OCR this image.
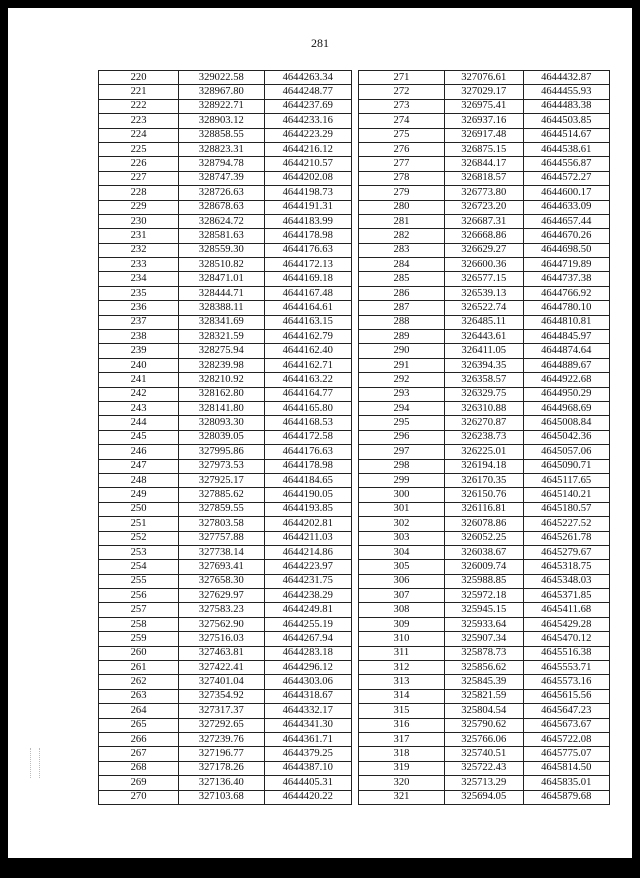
281
220	329022.58	4644263.34
221	328967.80	4644248.77
222	328922.71	4644237.69
223	328903.12	4644233.16
224	328858.55	4644223.29
225	328823.31	4644216.12
226	328794.78	4644210.57
227	328747.39	4644202.08
228	328726.63	4644198.73
229	328678.63	4644191.31
230	328624.72	4644183.99
231	328581.63	4644178.98
232	328559.30	4644176.63
233	328510.82	4644172.13
234	328471.01	4644169.18
235	328444.71	4644167.48
236	328388.11	4644164.61
237	328341.69	4644163.15
238	328321.59	4644162.79
239	328275.94	4644162.40
240	328239.98	4644162.71
241	328210.92	4644163.22
242	328162.80	4644164.77
243	328141.80	4644165.80
244	328093.30	4644168.53
245	328039.05	4644172.58
246	327995.86	4644176.63
247	327973.53	4644178.98
248	327925.17	4644184.65
249	327885.62	4644190.05
250	327859.55	4644193.85
251	327803.58	4644202.81
252	327757.88	4644211.03
253	327738.14	4644214.86
254	327693.41	4644223.97
255	327658.30	4644231.75
256	327629.97	4644238.29
257	327583.23	4644249.81
258	327562.90	4644255.19
259	327516.03	4644267.94
260	327463.81	4644283.18
261	327422.41	4644296.12
262	327401.04	4644303.06
263	327354.92	4644318.67
264	327317.37	4644332.17
265	327292.65	4644341.30
266	327239.76	4644361.71
267	327196.77	4644379.25
268	327178.26	4644387.10
269	327136.40	4644405.31
270	327103.68	4644420.22
271	327076.61	4644432.87
272	327029.17	4644455.93
273	326975.41	4644483.38
274	326937.16	4644503.85
275	326917.48	4644514.67
276	326875.15	4644538.61
277	326844.17	4644556.87
278	326818.57	4644572.27
279	326773.80	4644600.17
280	326723.20	4644633.09
281	326687.31	4644657.44
282	326668.86	4644670.26
283	326629.27	4644698.50
284	326600.36	4644719.89
285	326577.15	4644737.38
286	326539.13	4644766.92
287	326522.74	4644780.10
288	326485.11	4644810.81
289	326443.61	4644845.97
290	326411.05	4644874.64
291	326394.35	4644889.67
292	326358.57	4644922.68
293	326329.75	4644950.29
294	326310.88	4644968.69
295	326270.87	4645008.84
296	326238.73	4645042.36
297	326225.01	4645057.06
298	326194.18	4645090.71
299	326170.35	4645117.65
300	326150.76	4645140.21
301	326116.81	4645180.57
302	326078.86	4645227.52
303	326052.25	4645261.78
304	326038.67	4645279.67
305	326009.74	4645318.75
306	325988.85	4645348.03
307	325972.18	4645371.85
308	325945.15	4645411.68
309	325933.64	4645429.28
310	325907.34	4645470.12
311	325878.73	4645516.38
312	325856.62	4645553.71
313	325845.39	4645573.16
314	325821.59	4645615.56
315	325804.54	4645647.23
316	325790.62	4645673.67
317	325766.06	4645722.08
318	325740.51	4645775.07
319	325722.43	4645814.50
320	325713.29	4645835.01
321	325694.05	4645879.68
